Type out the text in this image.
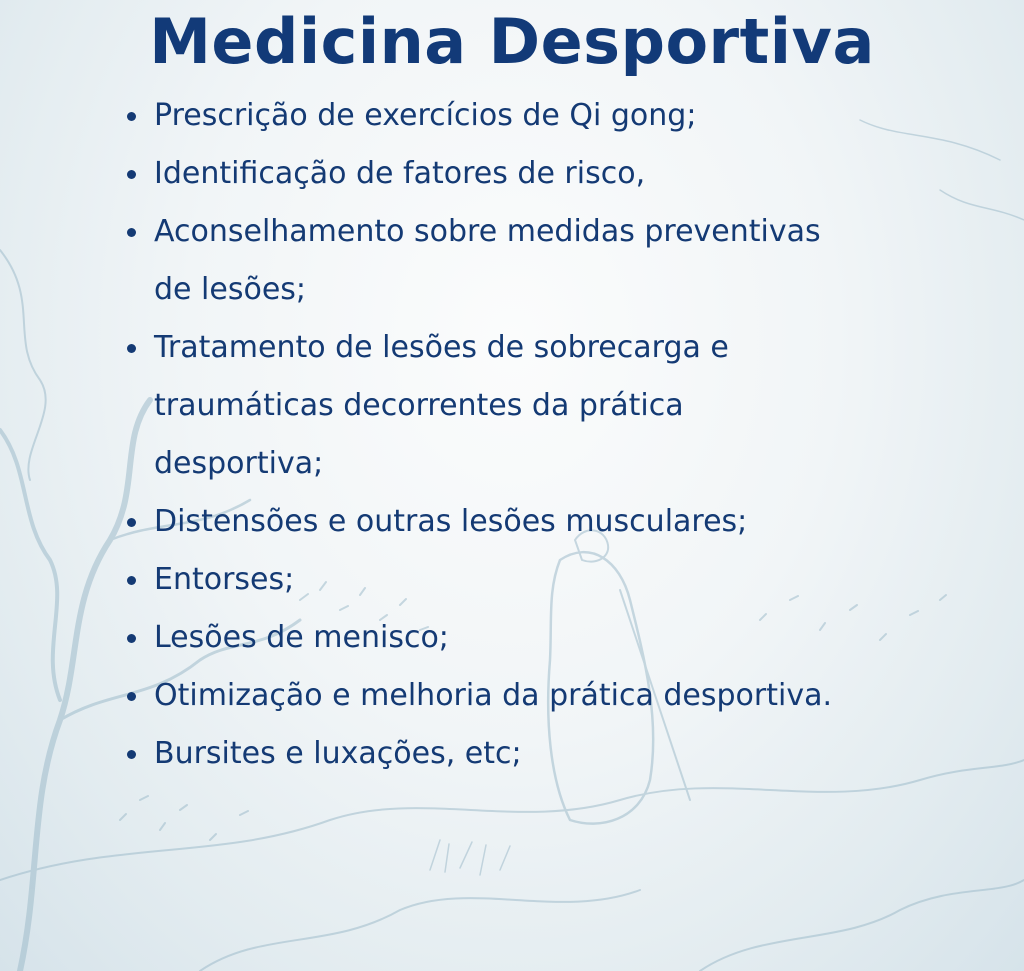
Medicina Desportiva
Prescrição de exercícios de Qi gong;
Identificação de fatores de risco,
Aconselhamento sobre medidas preventivas
de lesões;
Tratamento de lesões de sobrecarga e
traumáticas decorrentes da prática
desportiva;
Distensões e outras lesões musculares;
Entorses;
Lesões de menisco;
Otimização e melhoria da prática desportiva.
Bursites e luxações, etc;
